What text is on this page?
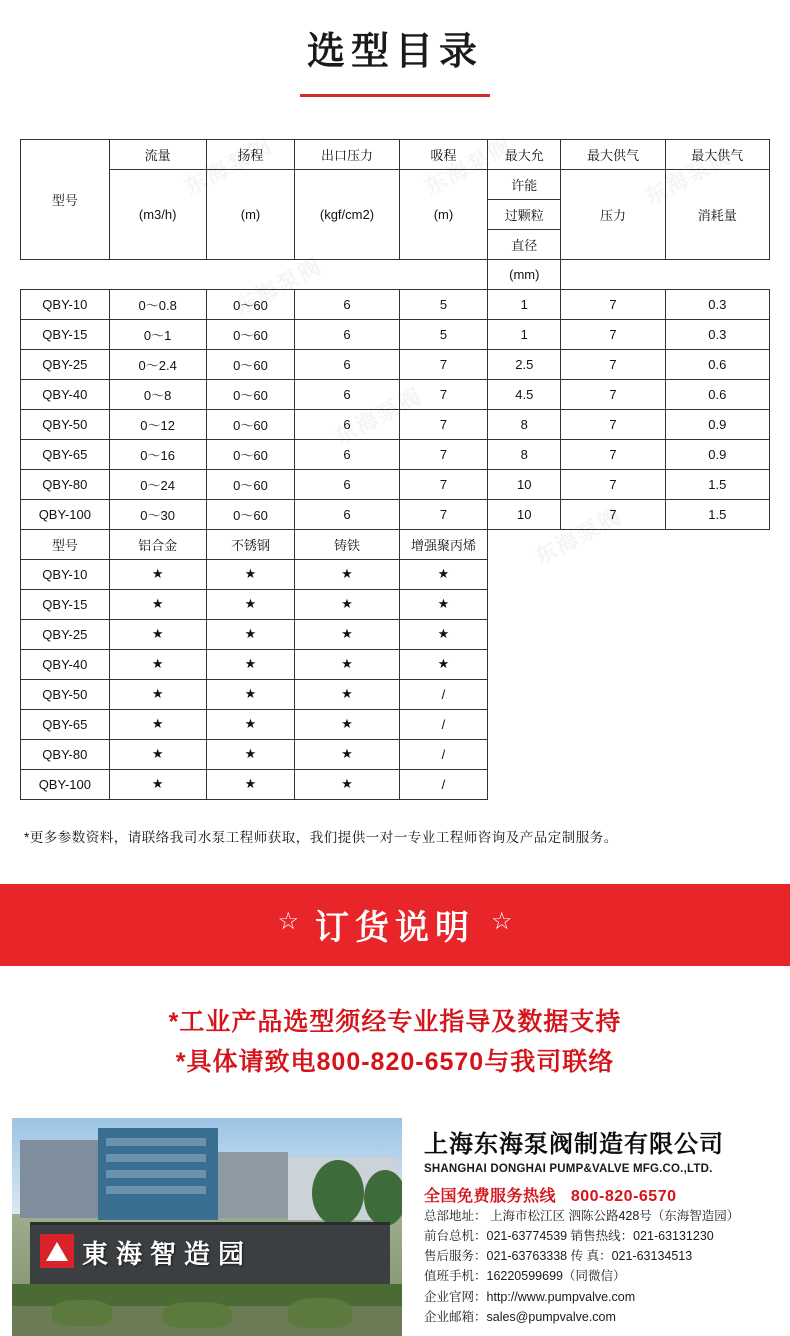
选型目录
型号	流量	扬程	出口压力	吸程	最大允	最大供气	最大供气
	(m3/h)	(m)	(kgf/cm2)	(m)	许能	压力	消耗量
					过颗粒		
					直径		
					(mm)		
QBY-10	0～0.8	0～60	6	5	1	7	0.3
QBY-15	0～1	0～60	6	5	1	7	0.3
QBY-25	0～2.4	0～60	6	7	2.5	7	0.6
QBY-40	0～8	0～60	6	7	4.5	7	0.6
QBY-50	0～12	0～60	6	7	8	7	0.9
QBY-65	0～16	0～60	6	7	8	7	0.9
QBY-80	0～24	0～60	6	7	10	7	1.5
QBY-100	0～30	0～60	6	7	10	7	1.5
型号	铝合金	不锈钢	铸铁	增强聚丙烯			
QBY-10	★	★	★	★			
QBY-15	★	★	★	★			
QBY-25	★	★	★	★			
QBY-40	★	★	★	★			
QBY-50	★	★	★	/			
QBY-65	★	★	★	/			
QBY-80	★	★	★	/			
QBY-100	★	★	★	/			
*更多参数资料，请联络我司水泵工程师获取，我们提供一对一专业工程师咨询及产品定制服务。
☆ 订货说明 ☆
*工业产品选型须经专业指导及数据支持
*具体请致电800-820-6570与我司联络
東海智造园
上海东海泵阀制造有限公司
SHANGHAI DONGHAI PUMP&VALVE MFG.CO.,LTD.
全国免费服务热线 800-820-6570
总部地址： 上海市松江区 泗陈公路428号（东海智造园）
前台总机：021-63774539 销售热线：021-63131230
售后服务：021-63763338 传 真：021-63134513
值班手机：16220599699（同微信）
企业官网：http://www.pumpvalve.com
企业邮箱：sales@pumpvalve.com
